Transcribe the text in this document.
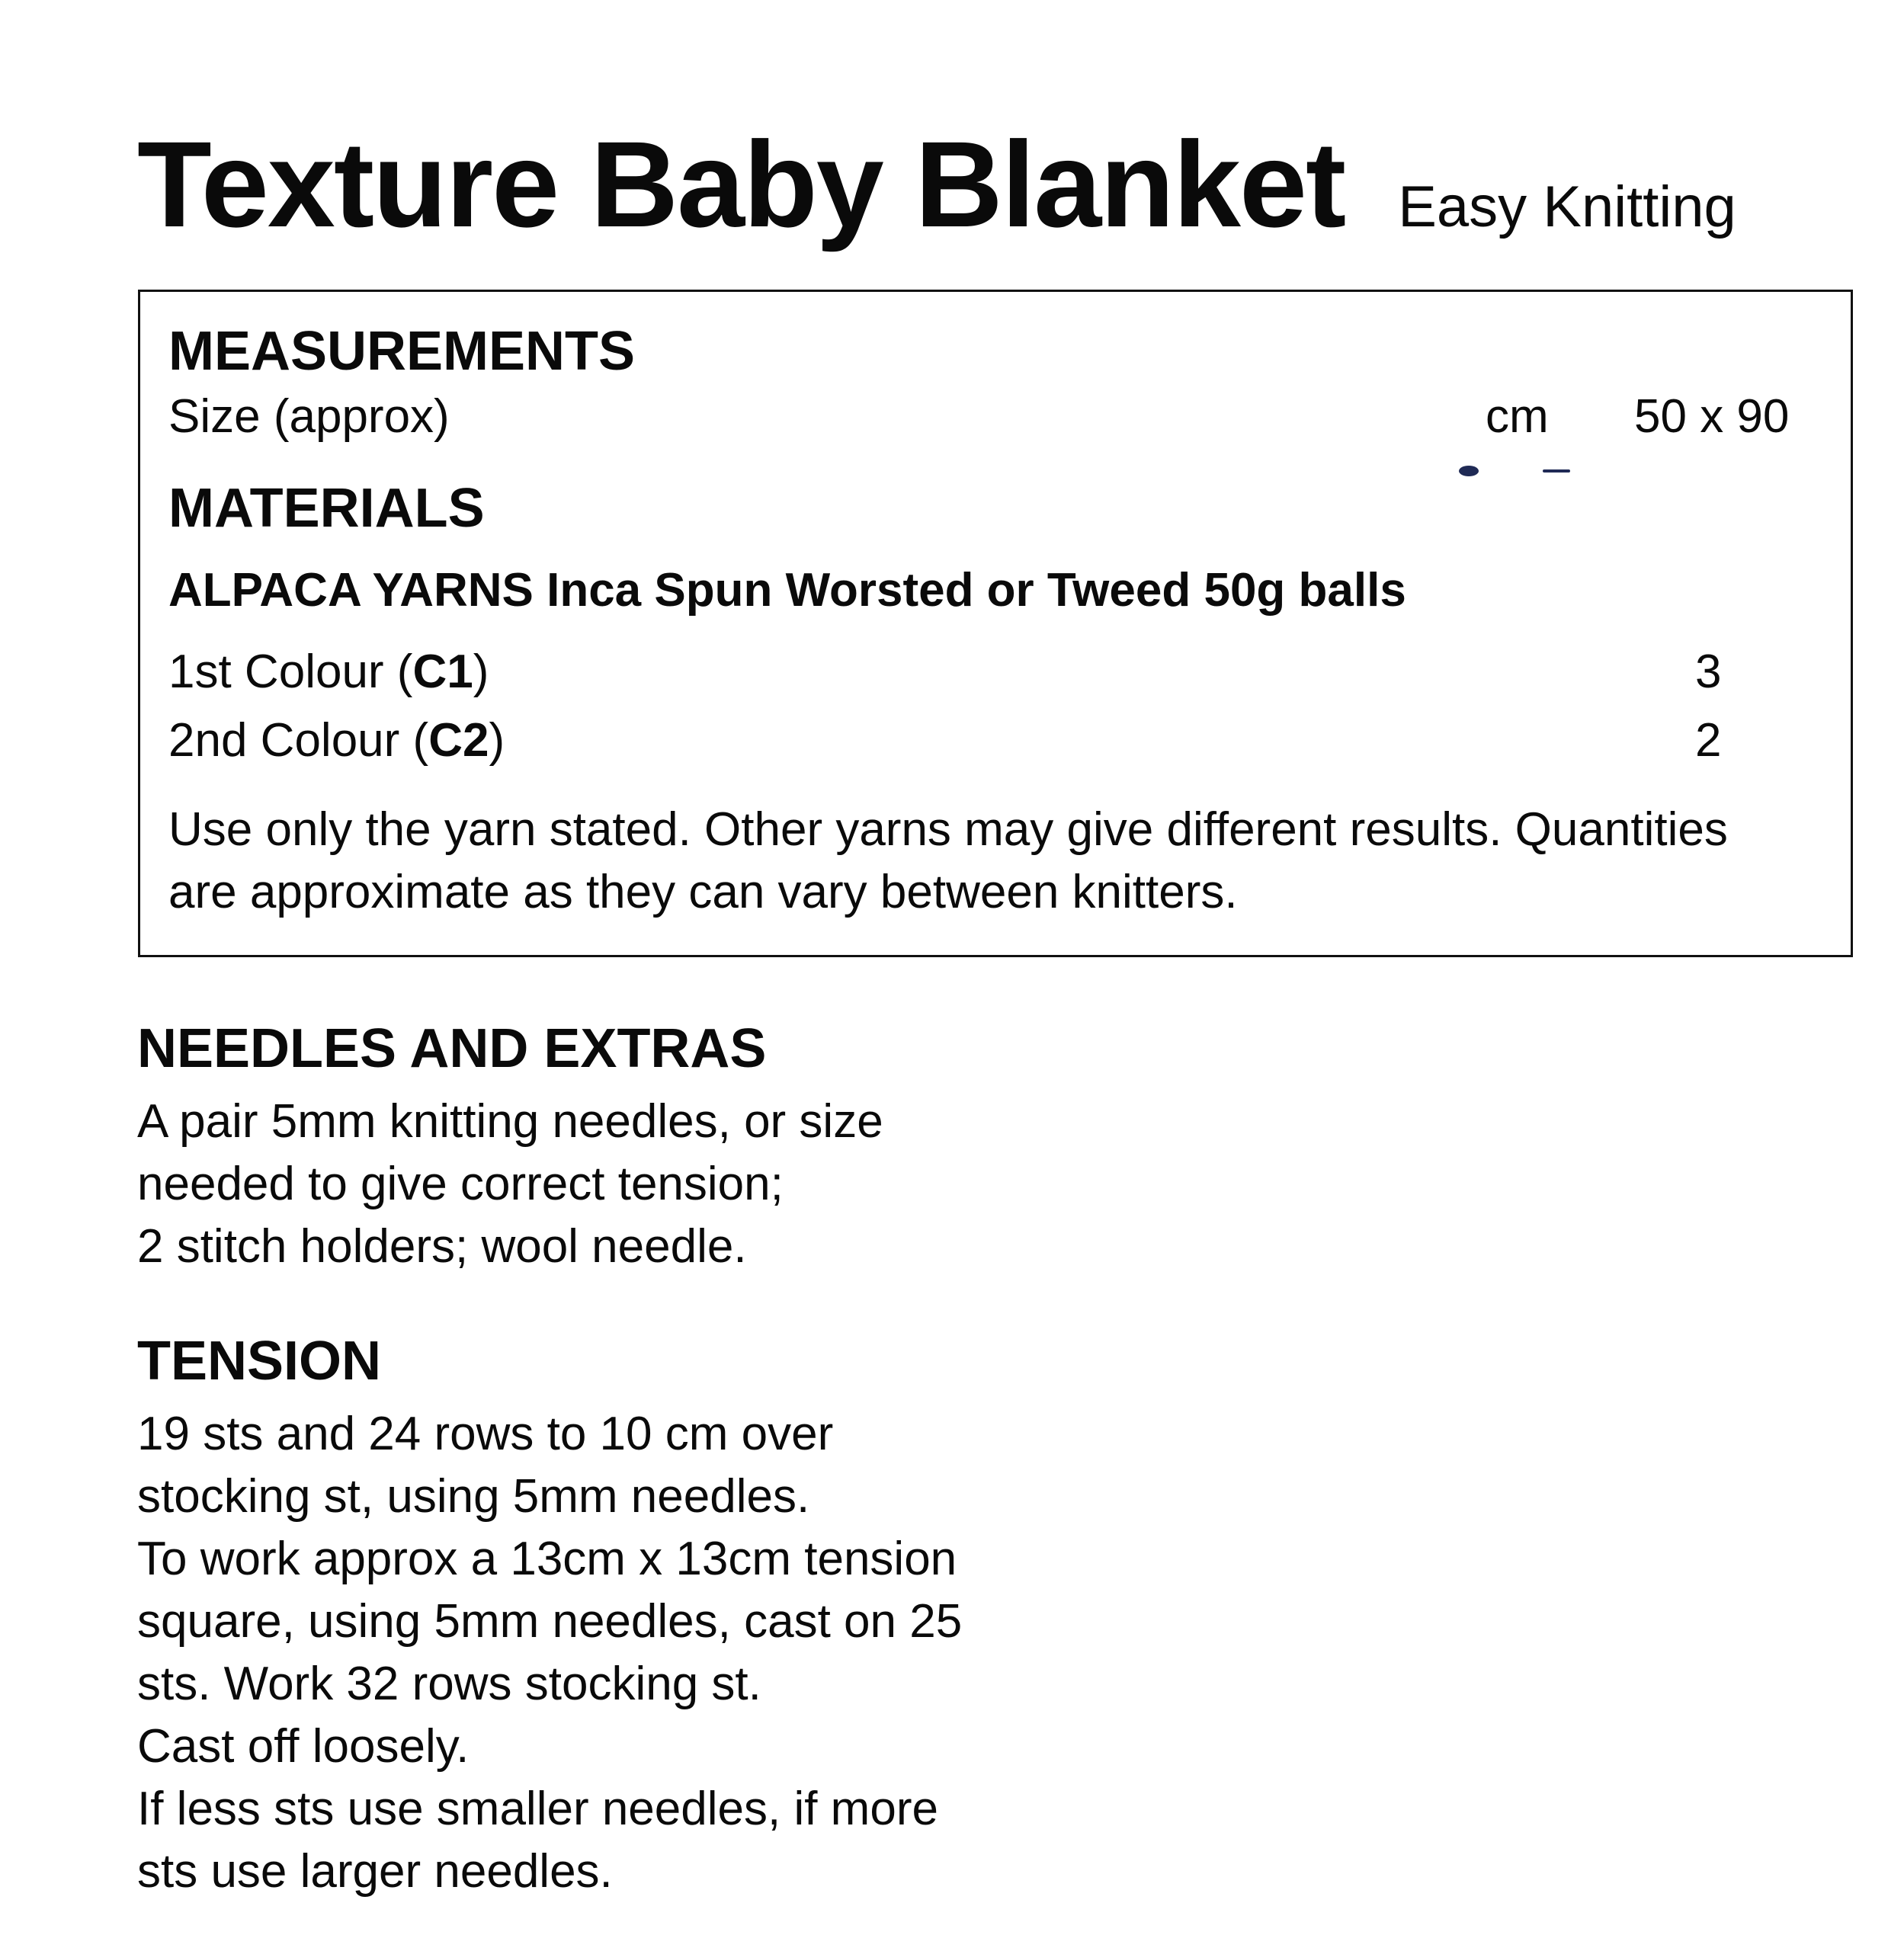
Texture Baby Blanket Easy Knitting
MEASUREMENTS
Size (approx)	cm 50 x 90
MATERIALS
ALPACA YARNS Inca Spun Worsted or Tweed 50g balls
1st Colour (C1)	3
2nd Colour (C2)	2
Use only the yarn stated. Other yarns may give different results. Quantities
are approximate as they can vary between knitters.
NEEDLES AND EXTRAS

A pair 5mm knitting needles, or size

needed to give correct tension;

2 stitch holders; wool needle.

TENSION

19 sts and 24 rows to 10 cm over

stocking st, using 5mm needles.

To work approx a 13cm x 13cm tension

square, using 5mm needles, cast on 25

sts. Work 32 rows stocking st.

Cast off loosely.

If less sts use smaller needles, if more

sts use larger needles.
